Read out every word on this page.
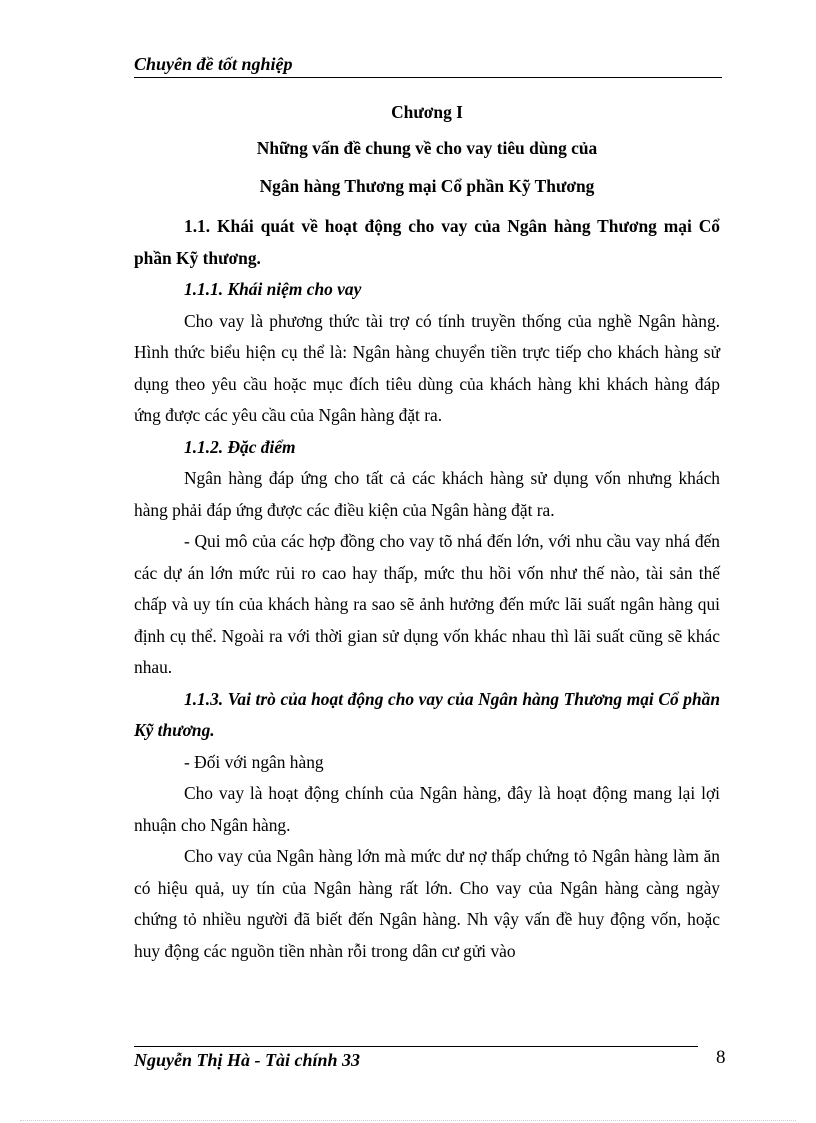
Chuyên đề tốt nghiệp

Chương I

Những vấn đề chung về cho vay tiêu dùng của

Ngân hàng Thương mại Cổ phần Kỹ Thương

1.1. Khái quát về hoạt động cho vay của Ngân hàng Thương mại Cổ phần Kỹ thương.

1.1.1. Khái niệm cho vay

Cho vay là phương thức tài trợ có tính truyền thống của nghề Ngân hàng. Hình thức biểu hiện cụ thể là: Ngân hàng chuyển tiền trực tiếp cho khách hàng sử dụng theo yêu cầu hoặc mục đích tiêu dùng của khách hàng khi khách hàng đáp ứng được các yêu cầu của Ngân hàng đặt ra.

1.1.2. Đặc điểm

Ngân hàng đáp ứng cho tất cả các khách hàng sử dụng vốn nhưng khách hàng phải đáp ứng được các điều kiện của Ngân hàng đặt ra.

- Qui mô của các hợp đồng cho vay tõ nhá đến lớn, với nhu cầu vay nhá đến các dự án lớn mức rủi ro cao hay thấp, mức thu hồi vốn như thế nào, tài sản thế chấp và uy tín của khách hàng ra sao sẽ ảnh hưởng đến mức lãi suất ngân hàng qui định cụ thể. Ngoài ra với thời gian sử dụng vốn khác nhau thì lãi suất cũng sẽ khác nhau.

1.1.3. Vai trò của hoạt động cho vay của Ngân hàng Thương mại Cổ phần Kỹ thương.

- Đối với ngân hàng

Cho vay là hoạt động chính của Ngân hàng, đây là hoạt động mang lại lợi nhuận cho Ngân hàng.

Cho vay của Ngân hàng lớn mà mức dư nợ thấp chứng tỏ Ngân hàng làm ăn có hiệu quả, uy tín của Ngân hàng rất lớn. Cho vay của Ngân hàng càng ngày chứng tỏ nhiều người đã biết đến Ngân hàng. Nh vậy vấn đề huy động vốn, hoặc huy động các nguồn tiền nhàn rỗi trong dân cư gửi vào

Nguyễn Thị Hà - Tài chính 33	8
